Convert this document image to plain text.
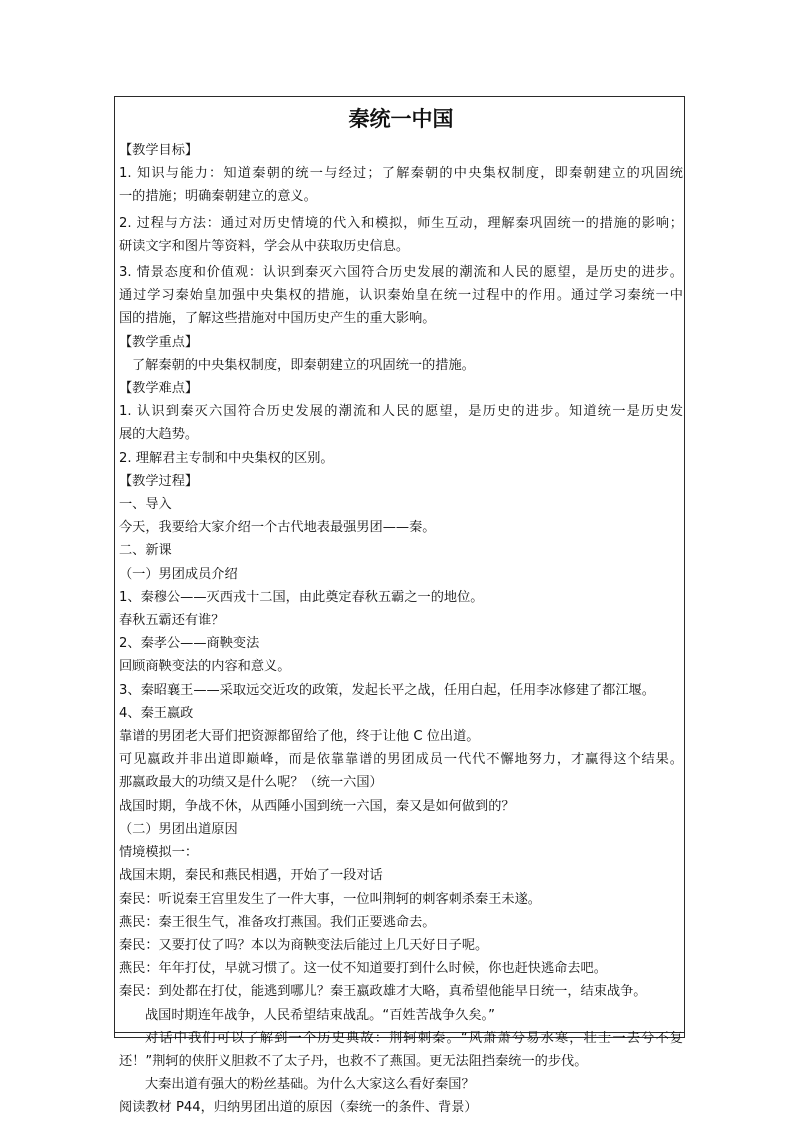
秦统一中国
【教学目标】
1. 知识与能力：知道秦朝的统一与经过；了解秦朝的中央集权制度，即秦朝建立的巩固统
一的措施；明确秦朝建立的意义。
2. 过程与方法：通过对历史情境的代入和模拟，师生互动，理解秦巩固统一的措施的影响；
研读文字和图片等资料，学会从中获取历史信息。
3. 情景态度和价值观：认识到秦灭六国符合历史发展的潮流和人民的愿望，是历史的进步。
通过学习秦始皇加强中央集权的措施，认识秦始皇在统一过程中的作用。通过学习秦统一中
国的措施，了解这些措施对中国历史产生的重大影响。
【教学重点】
了解秦朝的中央集权制度，即秦朝建立的巩固统一的措施。
【教学难点】
1. 认识到秦灭六国符合历史发展的潮流和人民的愿望，是历史的进步。知道统一是历史发
展的大趋势。
2. 理解君主专制和中央集权的区别。
【教学过程】
一、导入
今天，我要给大家介绍一个古代地表最强男团——秦。
二、新课
（一）男团成员介绍
1、秦穆公——灭西戎十二国，由此奠定春秋五霸之一的地位。
春秋五霸还有谁？
2、秦孝公——商鞅变法
回顾商鞅变法的内容和意义。
3、秦昭襄王——采取远交近攻的政策，发起长平之战，任用白起，任用李冰修建了都江堰。
4、秦王嬴政
靠谱的男团老大哥们把资源都留给了他，终于让他 C 位出道。
可见嬴政并非出道即巅峰，而是依靠靠谱的男团成员一代代不懈地努力，才赢得这个结果。
那嬴政最大的功绩又是什么呢？（统一六国）
战国时期，争战不休，从西陲小国到统一六国，秦又是如何做到的？
（二）男团出道原因
情境模拟一：
战国末期，秦民和燕民相遇，开始了一段对话
秦民：听说秦王宫里发生了一件大事，一位叫荆轲的刺客刺杀秦王未遂。
燕民：秦王很生气，准备攻打燕国。我们正要逃命去。
秦民：又要打仗了吗？本以为商鞅变法后能过上几天好日子呢。
燕民：年年打仗，早就习惯了。这一仗不知道要打到什么时候，你也赶快逃命去吧。
秦民：到处都在打仗，能逃到哪儿？秦王嬴政雄才大略，真希望他能早日统一，结束战争。
战国时期连年战争，人民希望结束战乱。“百姓苦战争久矣。”
对话中我们可以了解到一个历史典故：荆轲刺秦。“风萧萧兮易水寒，壮士一去兮不复
还！”荆轲的侠肝义胆救不了太子丹，也救不了燕国。更无法阻挡秦统一的步伐。
大秦出道有强大的粉丝基础。为什么大家这么看好秦国？
阅读教材 P44，归纳男团出道的原因（秦统一的条件、背景）
